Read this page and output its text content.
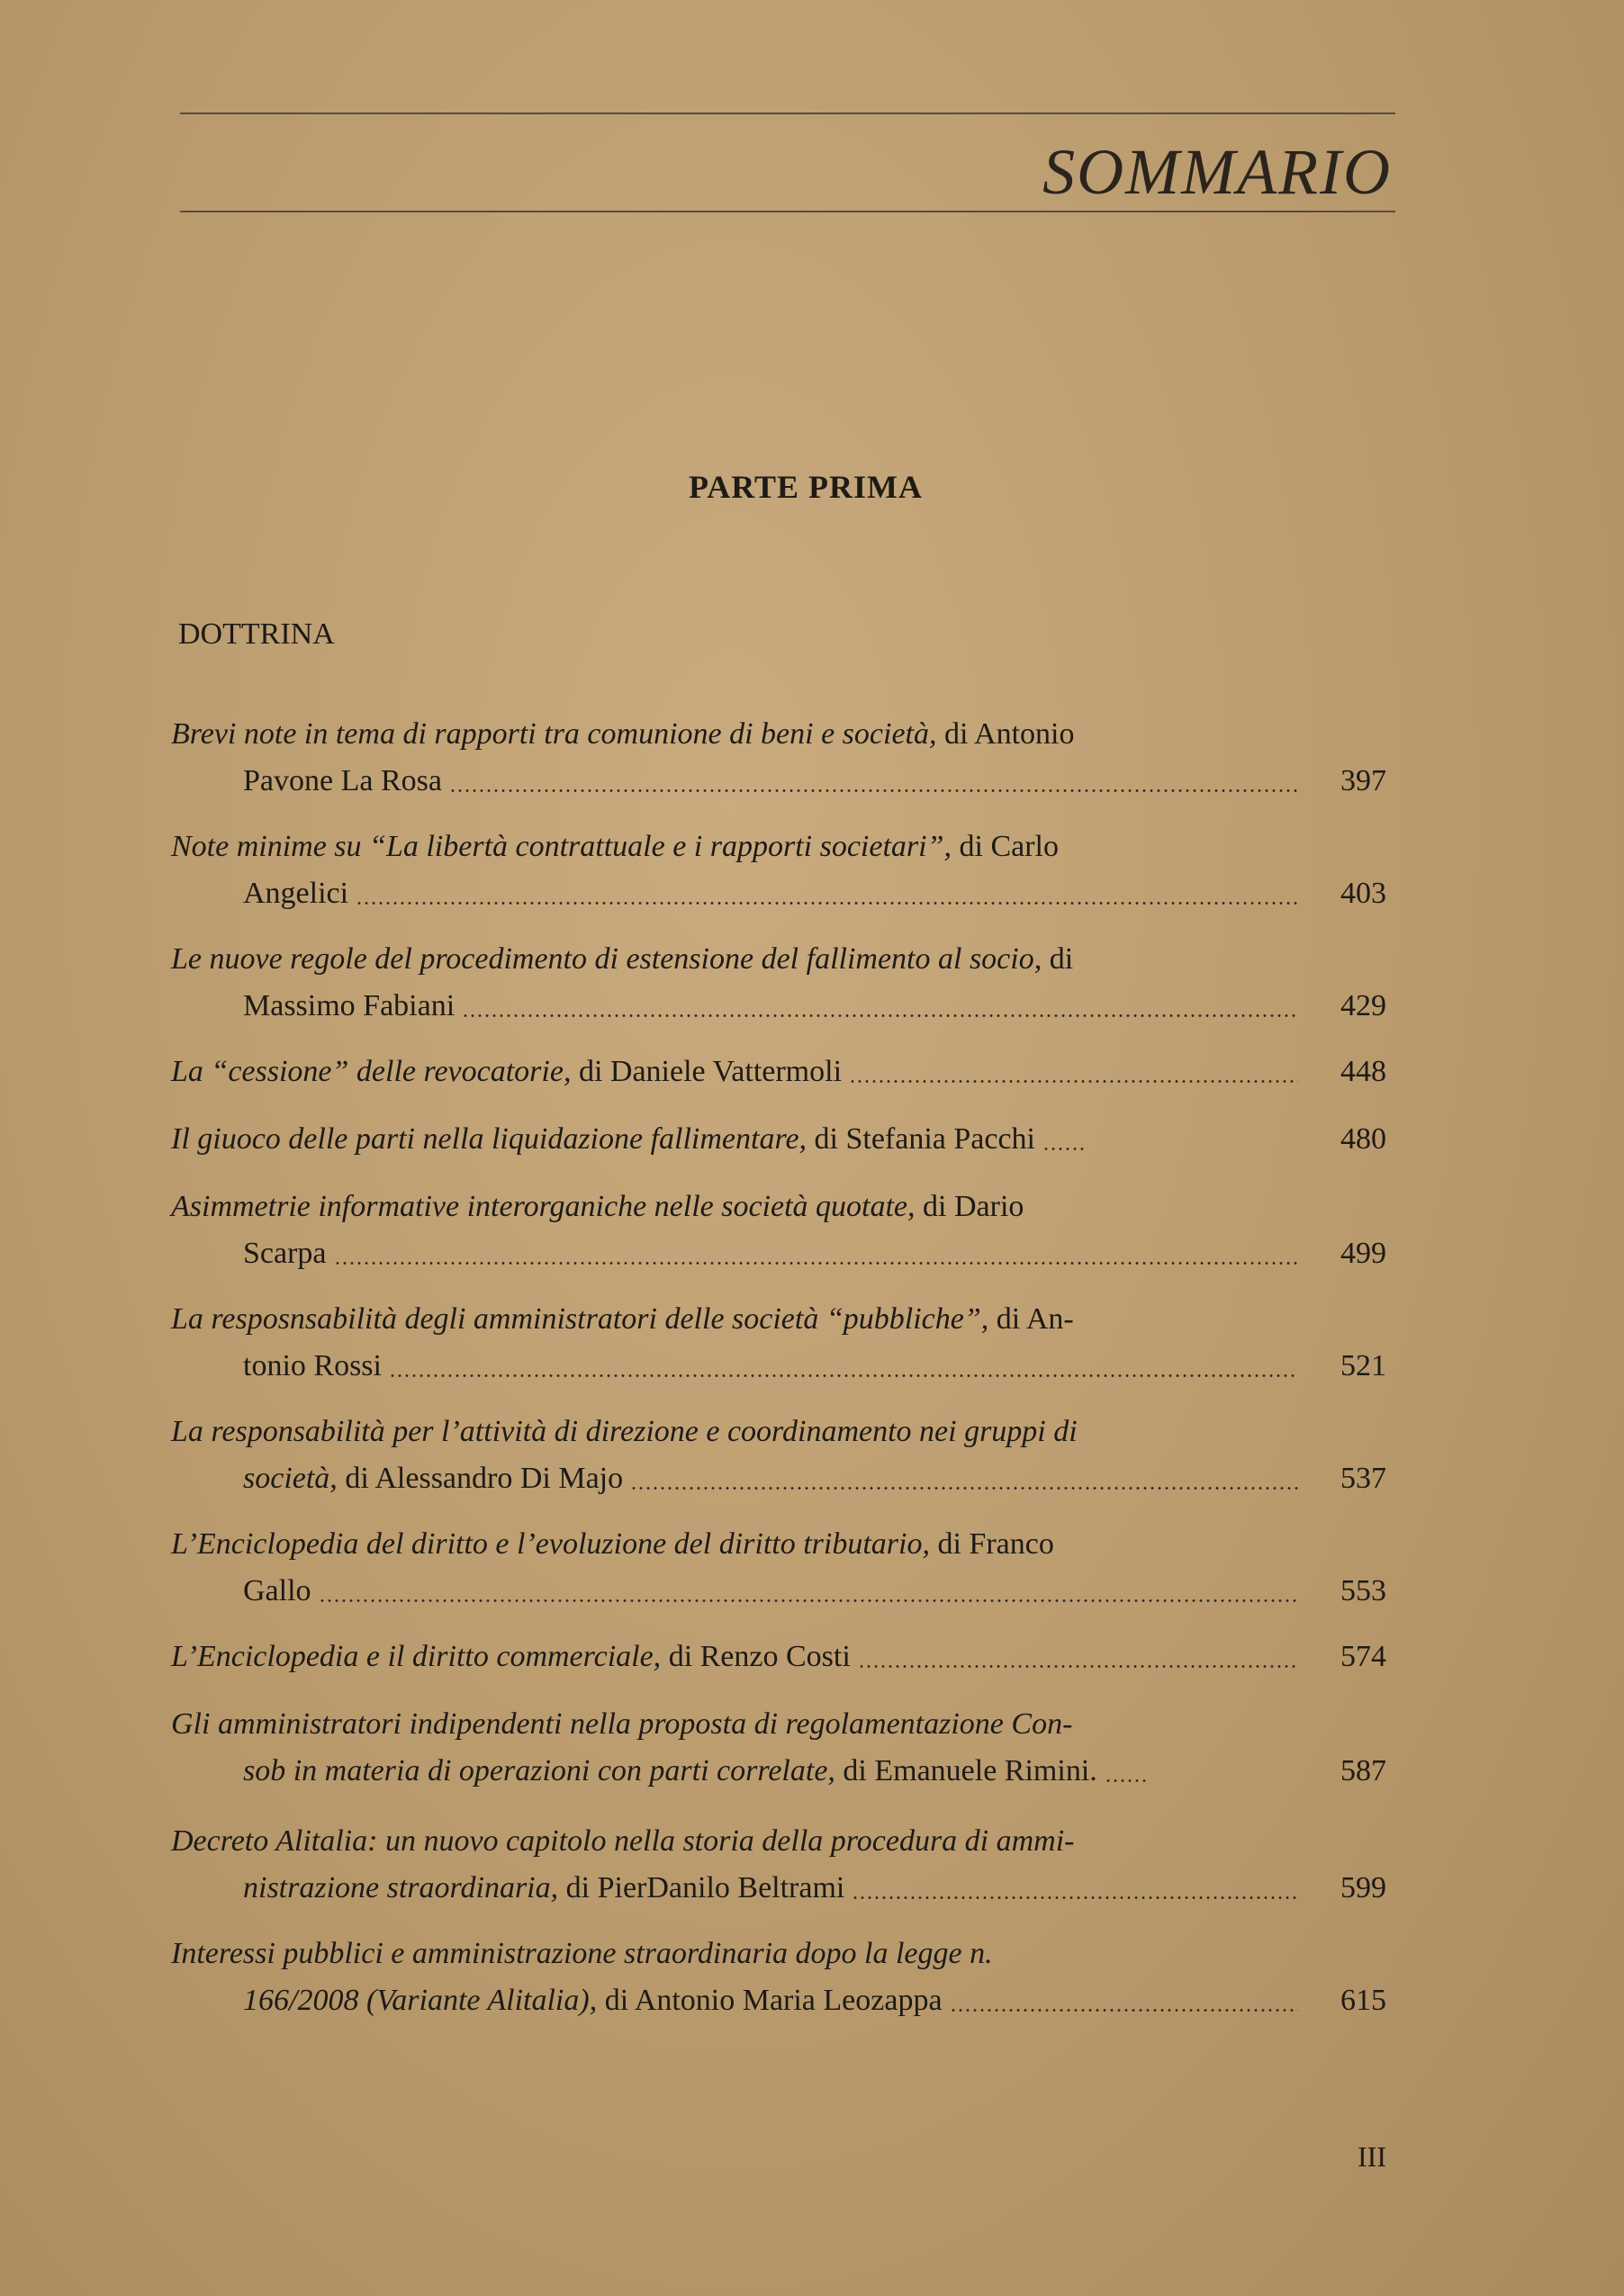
SOMMARIO
PARTE PRIMA
DOTTRINA
Brevi note in tema di rapporti tra comunione di beni e società, di Antonio
Pavone La Rosa	397
Note minime su “La libertà contrattuale e i rapporti societari”, di Carlo
Angelici	403
Le nuove regole del procedimento di estensione del fallimento al socio, di
Massimo Fabiani	429
La “cessione” delle revocatorie, di Daniele Vattermoli	448
Il giuoco delle parti nella liquidazione fallimentare, di Stefania Pacchi	480
Asimmetrie informative interorganiche nelle società quotate, di Dario
Scarpa	499
La resposnsabilità degli amministratori delle società “pubbliche”, di An-
tonio Rossi	521
La responsabilità per l’attività di direzione e coordinamento nei gruppi di
società, di Alessandro Di Majo	537
L’Enciclopedia del diritto e l’evoluzione del diritto tributario, di Franco
Gallo	553
L’Enciclopedia e il diritto commerciale, di Renzo Costi	574
Gli amministratori indipendenti nella proposta di regolamentazione Con-
sob in materia di operazioni con parti correlate, di Emanuele Rimini.	587
Decreto Alitalia: un nuovo capitolo nella storia della procedura di ammi-
nistrazione straordinaria, di PierDanilo Beltrami	599
Interessi pubblici e amministrazione straordinaria dopo la legge n.
166/2008 (Variante Alitalia), di Antonio Maria Leozappa	615
III
